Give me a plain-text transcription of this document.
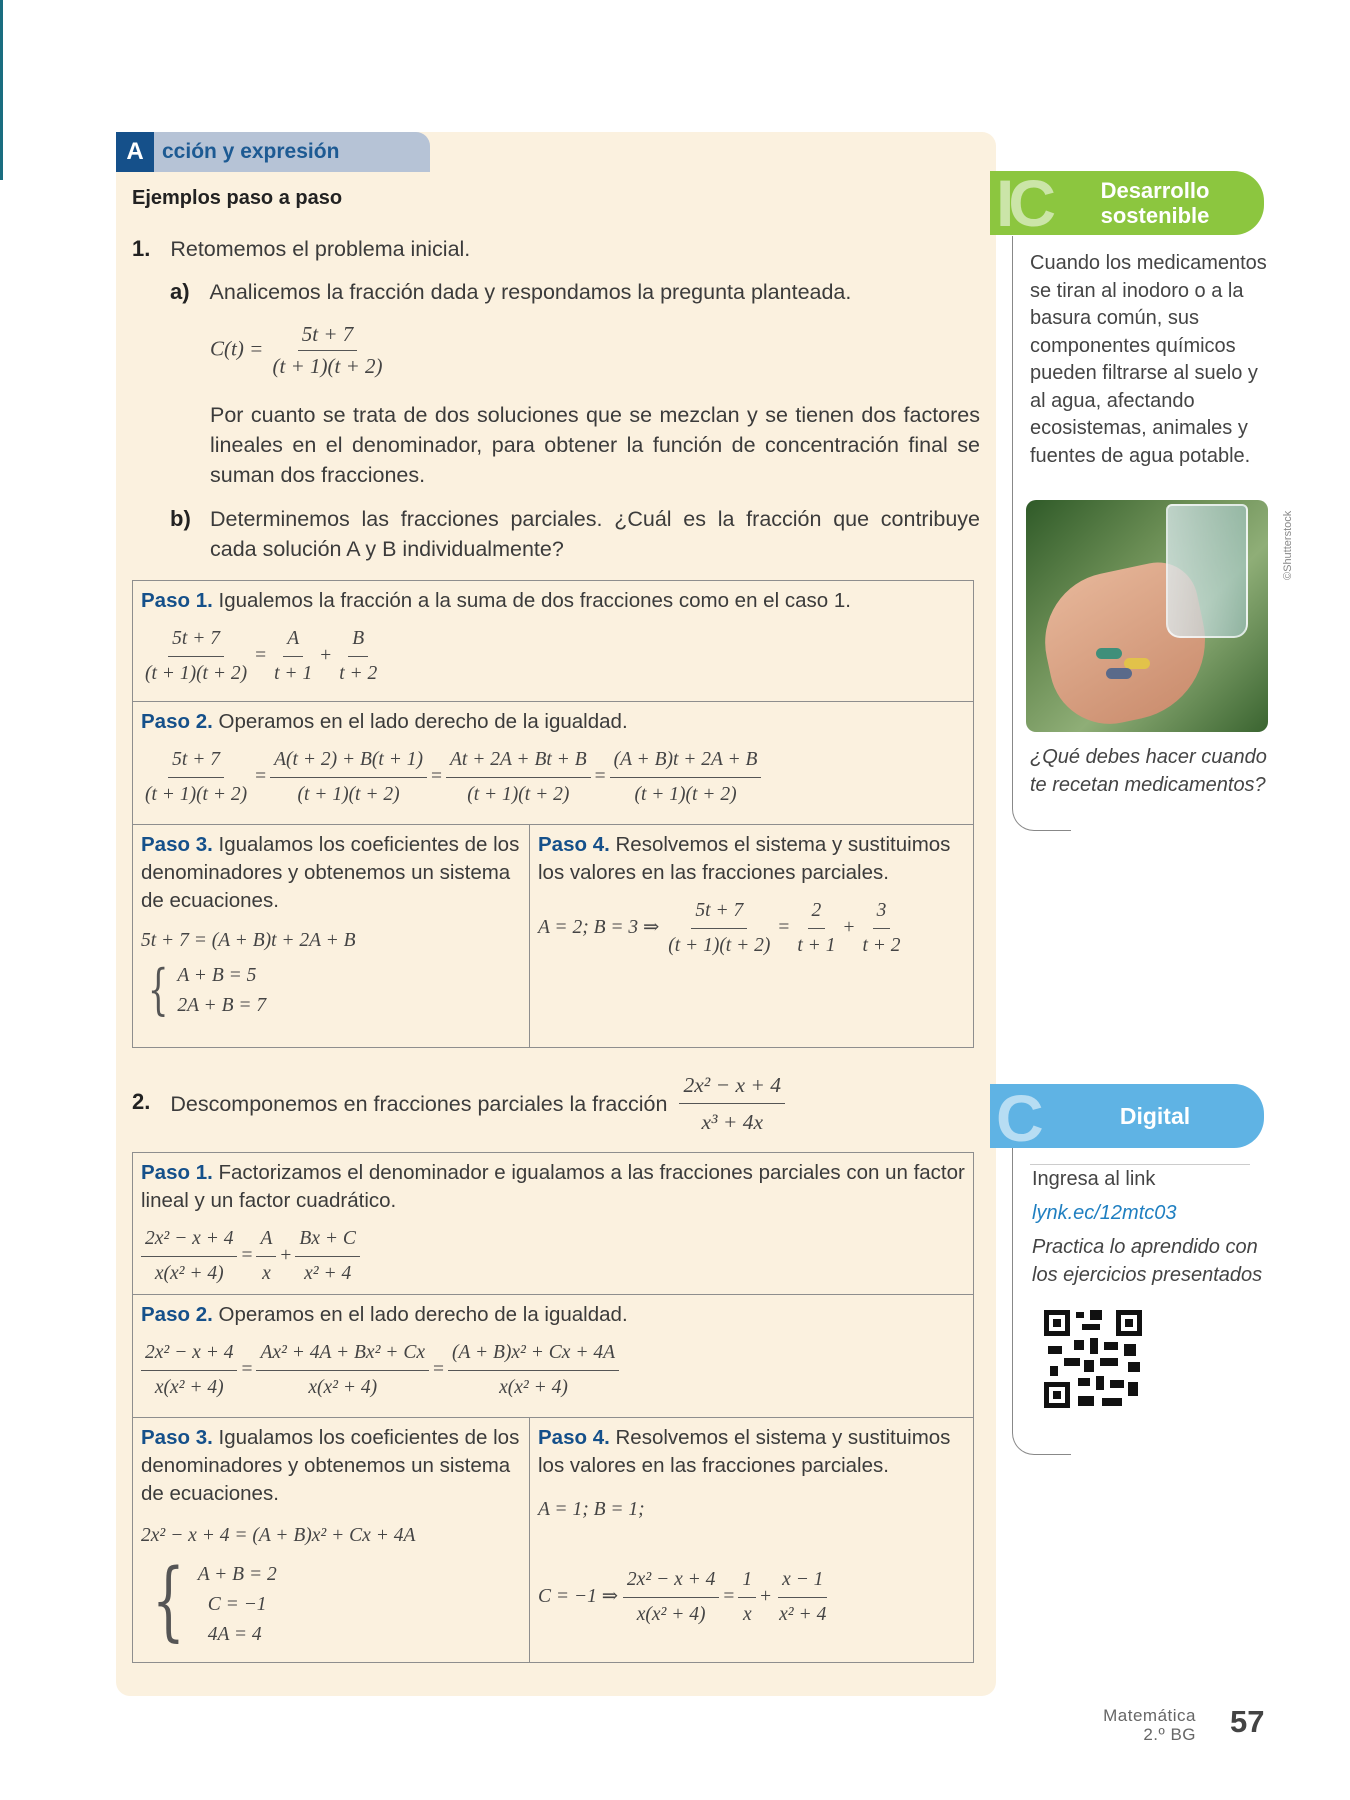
A cción y expresión

Ejemplos paso a paso

1. Retomemos el problema inicial.

a) Analicemos la fracción dada y respondamos la pregunta planteada.

$C(t) = \frac{5t + 7}{(t + 1)(t + 2)}$

Por cuanto se trata de dos soluciones que se mezclan y se tienen dos factores lineales en el denominador, para obtener la función de concentración final se suman dos fracciones.

b) Determinemos las fracciones parciales. ¿Cuál es la fracción que contribuye cada solución A y B individualmente?

Paso 1. Igualemos la fracción a la suma de dos fracciones como en el caso 1.
$\frac{5t + 7}{(t + 1)(t + 2)} = \frac{A}{t + 1} + \frac{B}{t + 2}$

Paso 2. Operamos en el lado derecho de la igualdad.
$\frac{5t + 7}{(t + 1)(t + 2)} = \frac{A(t + 2) + B(t + 1)}{(t + 1)(t + 2)} = \frac{At + 2A + Bt + B}{(t + 1)(t + 2)} = \frac{(A + B)t + 2A + B}{(t + 1)(t + 2)}$

Paso 3. Igualamos los coeficientes de los denominadores y obtenemos un sistema de ecuaciones.
5t + 7 = (A + B)t + 2A + B
{ A + B = 5
2A + B = 7
	Paso 4. Resolvemos el sistema y sustituimos los valores en las fracciones parciales.
A = 2; B = 3 ⇒ $\frac{5t + 7}{(t + 1)(t + 2)} = \frac{2}{t + 1} + \frac{3}{t + 2}$
2. Descomponemos en fracciones parciales la fracción $\frac{\text{2x² − x + 4}}{\text{x³ + 4x}}$
Paso 1. Factorizamos el denominador e igualamos a las fracciones parciales con un factor lineal y un factor cuadrático.
$\frac{\text{2x² − x + 4}}{\text{x(x² + 4)}} = \frac{A}{x} + \frac{Bx + C}{\text{x² + 4}}$

Paso 2. Operamos en el lado derecho de la igualdad.
$\frac{\text{2x² − x + 4}}{\text{x(x² + 4)}} = \frac{\text{Ax² + 4A + Bx² + Cx}}{\text{x(x² + 4)}} = \frac{\text{(A + B)x² + Cx + 4A}}{\text{x(x² + 4)}}$

Paso 3. Igualamos los coeficientes de los denominadores y obtenemos un sistema de ecuaciones.
2x² − x + 4 = (A + B)x² + Cx + 4A
{ A + B = 2
C = −1
4A = 4
	Paso 4. Resolvemos el sistema y sustituimos los valores en las fracciones parciales.
A = 1; B = 1;
C = −1 ⇒ $\frac{\text{2x² − x + 4}}{\text{x(x² + 4)}} = \frac{1}{x} + \frac{x - 1}{\text{x² + 4}}$
IC	Desarrollo
sostenible

Cuando los medicamentos se tiran al inodoro o a la basura común, sus componentes químicos pueden filtrarse al suelo y al agua, afectando ecosistemas, animales y fuentes de agua potable.

©Shutterstock

¿Qué debes hacer cuando te recetan medicamentos?

C	Digital

Ingresa al link

lynk.ec/12mtc03

Practica lo aprendido con los ejercicios presentados

Matemática
2.º BG 57
